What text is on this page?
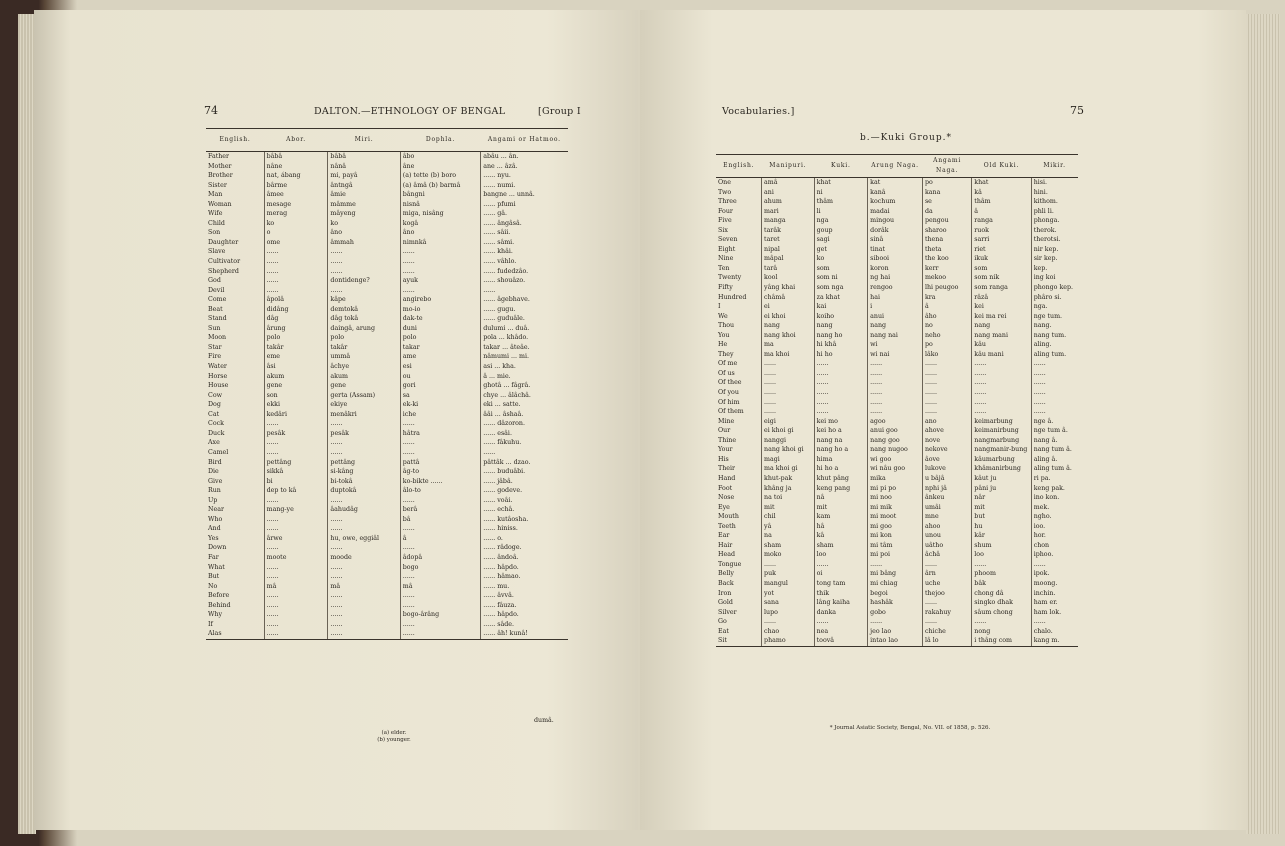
74	DALTON.—ETHNOLOGY OF BENGAL	[Group I
English.	Abor.	Miri.	Dophla.	Angami or Hatmoo.
Father	bâbâ	bâbâ	âbo	abâu ... ân.
Mother	nâne	nânâ	âne	ane ... âzâ.
Brother	nat, ábang	mi, payâ	(a) tette (b) boro	...... nyu.
Sister	bârme	ântngâ	(a) âmâ (b) barmâ	...... numi.
Man	âmee	âmie	bângni	bangne ... unnâ.
Woman	mesage	mâmme	nisnâ	...... pfumi
Wife	merag	mâyeng	miga, nisâng	...... gâ.
Child	ko	ko	kogâ	...... ângâsâ.
Son	o	âno	âno	...... sâii.
Daughter	ome	âmmah	nimnkâ	...... sâmi.
Slave	......	......	......	...... khâi.
Cultivator	......	......	......	...... vâhlo.
Shepherd	......	......	......	...... fudedzâo.
God	......	dontidenge?	ayuk	...... shouâzo.
Devil	......	......	......	......
Come	âpolâ	kâpe	angirebo	...... âgebhave.
Beat	didâng	demtokâ	mo-io	...... gugu.
Stand	dâg	dâg tokâ	dak-te	...... guduâle.
Sun	ârung	daingâ, arung	duni	dulumi ... duâ.
Moon	polo	polo	polo	pola ... khâdo.
Star	takâr	takâr	takar	takar ... âteâe.
Fire	eme	ummâ	ame	nâmumi ... mi.
Water	âsi	âchye	esi	asi ... kha.
Horse	akum	akum	ou	â ... mie.
House	gene	gene	gori	ghotâ ... fâgrâ.
Cow	son	gerta (Assam)	sa	chye ... âlâchâ.
Dog	ekki	ekiye	ek-ki	eki ... satte.
Cat	kedâri	menâkri	iche	ââi ... âshaâ.
Cock	......	......	......	...... dâzoron.
Duck	pesâk	pesâk	hâtra	...... esâi.
Axe	......	......	......	...... fâkuhu.
Camel	......	......	......	......
Bird	pettâng	pettâng	pattâ	pâttâk ... dzao.
Die	sikkâ	si-kâng	âg-to	...... buduâbi.
Give	bi	bi-tokâ	ko-bikte ......	...... jâbâ.
Run	dep to kâ	duptokâ	âlo-to	...... godeve.
Up	......	......	......	...... voâi.
Near	mang-ye	âahudâg	berâ	...... echâ.
Who	......	......	bâ	...... kutâosha.
And	......	......	......	...... hiniss.
Yes	ârwe	hu, owe, eggiâl	â	...... o.
Down	......	......	......	...... râdoge.
Far	moote	moode	âdopâ	...... ândoâ.
What	......	......	bogo	...... hâpdo.
But	......	......	......	...... hâmao.
No	mâ	mâ	mâ	...... mu.
Before	......	......	......	...... âvvâ.
Behind	......	......	......	...... fâuza.
Why	......	......	bogo-ârâng	...... hâpdo.
If	......	......	......	...... sâde.
Alas	......	......	......	...... âh! kunâ!
(a) elder.
(b) younger.
dumâ.
Vocabularies.]	75
b.—Kuki Group.*
English.	Manipuri.	Kuki.	Arung Naga.	Angami Naga.	Old Kuki.	Mikir.
One	amâ	khat	kat	po	khat	hisi.
Two	ani	ni	kanâ	kana	kâ	hini.
Three	ahum	thâm	kochum	se	thâm	kithom.
Four	mari	li	madai	da	â	phli li.
Five	manga	nga	mingou	pengou	ranga	phonga.
Six	tarâk	goup	dorâk	sharoo	ruok	therok.
Seven	taret	sagi	sinâ	thena	sarri	therotsi.
Eight	nipal	get	tinat	theta	riet	nir kep.
Nine	mâpal	ko	sibooi	the koo	ikuk	sir kep.
Ten	tarâ	som	koron	kerr	som	kep.
Twenty	kool	som ni	ng hai	mekoo	som nik	ing koi
Fifty	yâng khai	som nga	rengoo	lhi peugoo	som ranga	phongo kep.
Hundred	châmâ	za khat	hai	kra	râzâ	phâro si.
I	ei	kai	i	â	kei	nga.
We	ei khoi	koiho	anui	âho	kei ma rei	nge tum.
Thou	nang	nang	nang	no	nang	nang.
You	nang khoi	nang ho	nang nai	neho	nang mani	nang tum.
He	ma	hi khâ	wi	po	kâu	aling.
They	ma khoi	hi ho	wi nai	lâko	kâu mani	aling tum.
Of me	......	......	......	......	......	......
Of us	......	......	......	......	......	......
Of thee	......	......	......	......	......	......
Of you	......	......	......	......	......	......
Of him	......	......	......	......	......	......
Of them	......	......	......	......	......	......
Mine	eigi	kei mo	agoo	ano	keimarbung	nge â.
Our	ei khoi gi	kei ho a	anui goo	ahove	keimanirbung	nge tum â.
Thine	nanggi	nang na	nang goo	nove	nangmarbung	nang â.
Your	nang khoi gi	nang ho a	nang nugoo	nekove	nangmanir-bung	nang tum â.
His	magi	hima	wi goo	âove	kâumarbung	aling â.
Their	ma khoi gi	hi ho a	wi nâu goo	lukove	khâmanirbung	aling tum â.
Hand	khut-pak	khut pâng	mika	u bâjâ	kâut ju	ri pa.
Foot	khâng ja	keng pang	mi pi po	nphi jâ	pâni ju	keng pak.
Nose	na toi	nâ	mi noo	ânkeu	nâr	ino kon.
Eye	mit	mit	mi mik	umâi	mit	mek.
Mouth	chil	kam	mi moot	mne	but	ngho.
Teeth	yâ	hâ	mi goo	ahoo	hu	ioo.
Ear	na	kâ	mi kon	unou	kâr	hor.
Hair	sham	sham	mi tâm	uâtho	shum	chon
Head	moko	loo	mi poi	âchâ	loo	iphoo.
Tongue	......	......	......	......	......	......
Belly	puk	oi	mi bâng	ârn	phoom	ipok.
Back	mangul	tong tam	mi chiag	uche	bâk	moong.
Iron	yot	thik	begoi	thejoo	chong dâ	inchin.
Gold	sana	lâng kaiha	hashâk	......	singko dhak	ham er.
Silver	lupo	danka	gobo	rakahuy	sâum chong	ham lok.
Go	......	......	......	......	......	......
Eat	chao	nea	jeo lao	chiche	nong	chalo.
Sit	phamo	toovâ	intao lao	lâ lo	i thâng com	kang m.
* Journal Asiatic Society, Bengal, No. VII. of 1858, p. 526.
